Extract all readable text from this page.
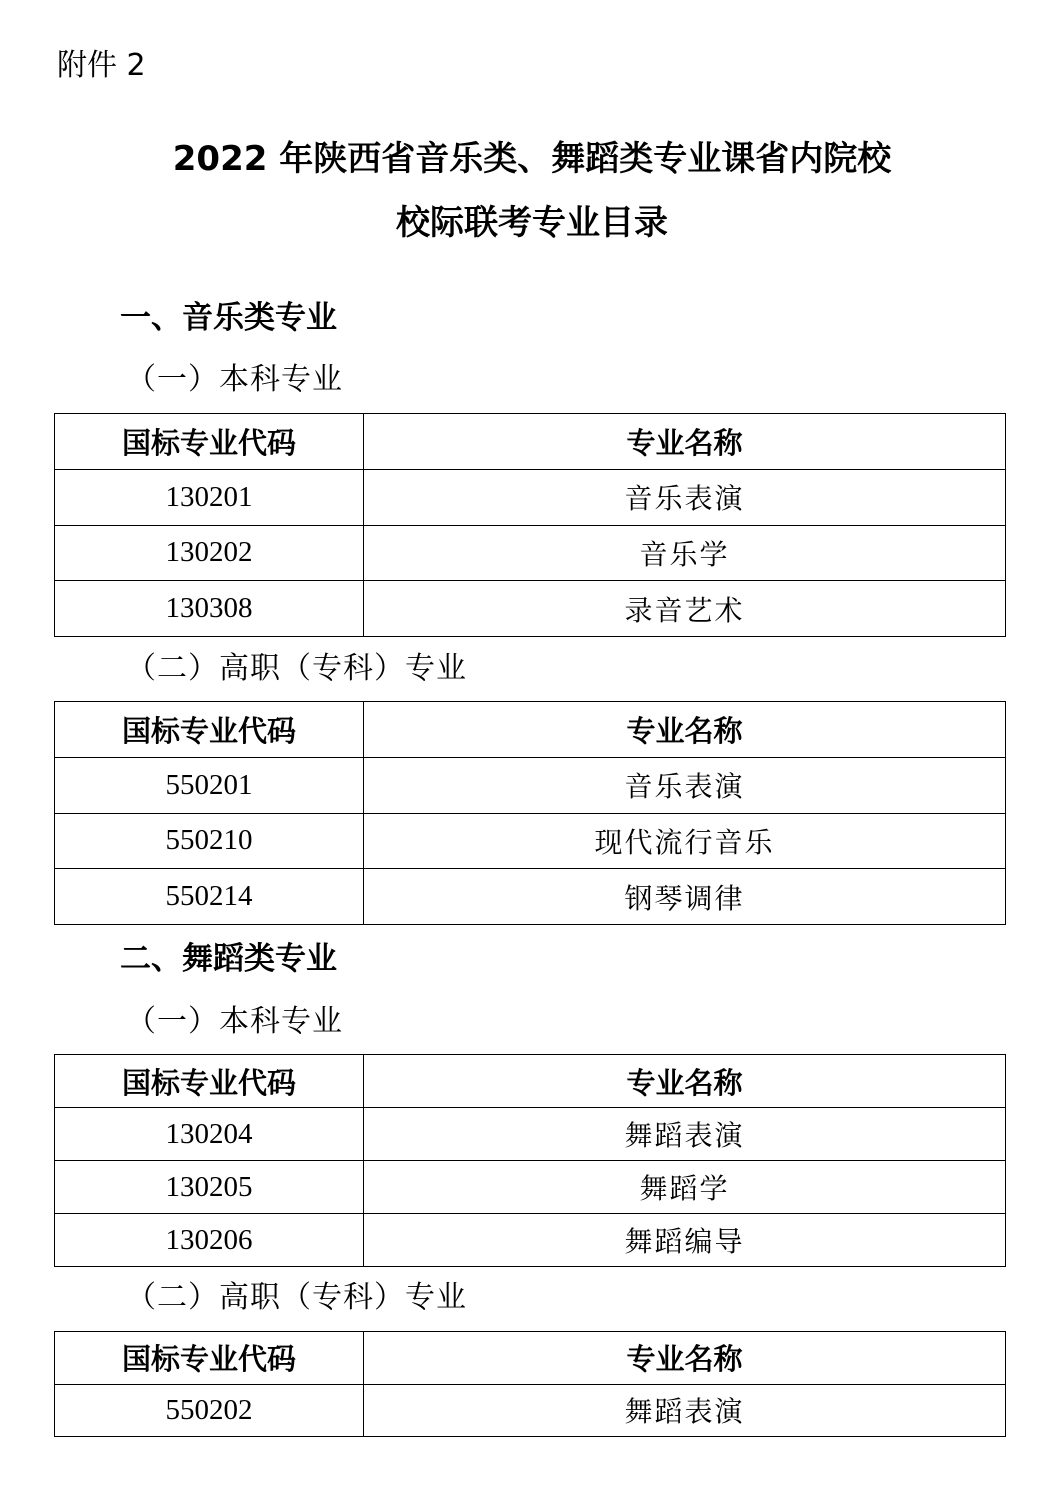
附件 2
2022 年陕西省音乐类、舞蹈类专业课省内院校
校际联考专业目录
一、音乐类专业
（一）本科专业
国标专业代码	专业名称
130201	音乐表演
130202	音乐学
130308	录音艺术
（二）高职（专科）专业
国标专业代码	专业名称
550201	音乐表演
550210	现代流行音乐
550214	钢琴调律
二、舞蹈类专业
（一）本科专业
国标专业代码	专业名称
130204	舞蹈表演
130205	舞蹈学
130206	舞蹈编导
（二）高职（专科）专业
国标专业代码	专业名称
550202	舞蹈表演
